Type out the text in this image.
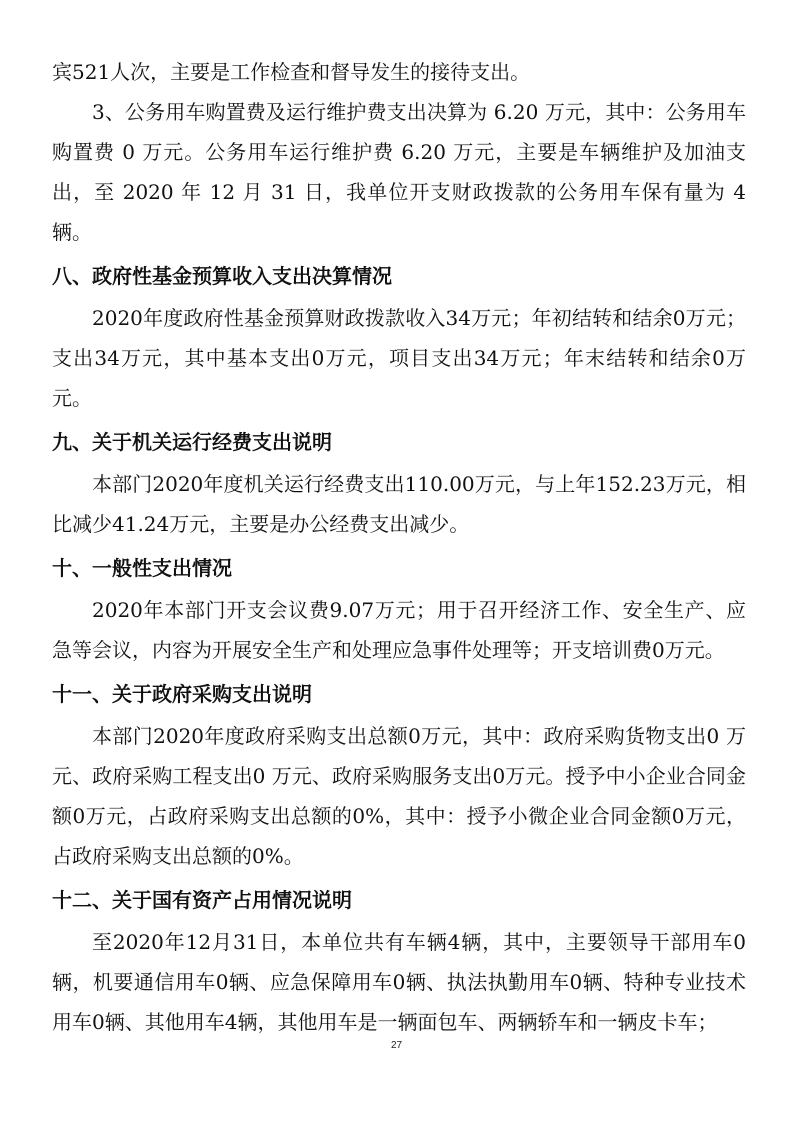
宾521人次，主要是工作检查和督导发生的接待支出。

3、公务用车购置费及运行维护费支出决算为 6.20 万元，其中：公务用车购置费 0 万元。公务用车运行维护费 6.20 万元，主要是车辆维护及加油支出，至 2020 年 12 月 31 日，我单位开支财政拨款的公务用车保有量为 4 辆。

八、政府性基金预算收入支出决算情况

2020年度政府性基金预算财政拨款收入34万元；年初结转和结余0万元；支出34万元，其中基本支出0万元，项目支出34万元；年末结转和结余0万元。

九、关于机关运行经费支出说明

本部门2020年度机关运行经费支出110.00万元，与上年152.23万元，相比减少41.24万元，主要是办公经费支出减少。

十、一般性支出情况

2020年本部门开支会议费9.07万元；用于召开经济工作、安全生产、应急等会议，内容为开展安全生产和处理应急事件处理等；开支培训费0万元。

十一、关于政府采购支出说明

本部门2020年度政府采购支出总额0万元，其中：政府采购货物支出0 万元、政府采购工程支出0 万元、政府采购服务支出0万元。授予中小企业合同金额0万元，占政府采购支出总额的0%，其中：授予小微企业合同金额0万元，占政府采购支出总额的0%。

十二、关于国有资产占用情况说明

至2020年12月31日，本单位共有车辆4辆，其中，主要领导干部用车0辆，机要通信用车0辆、应急保障用车0辆、执法执勤用车0辆、特种专业技术用车0辆、其他用车4辆，其他用车是一辆面包车、两辆轿车和一辆皮卡车；

27
